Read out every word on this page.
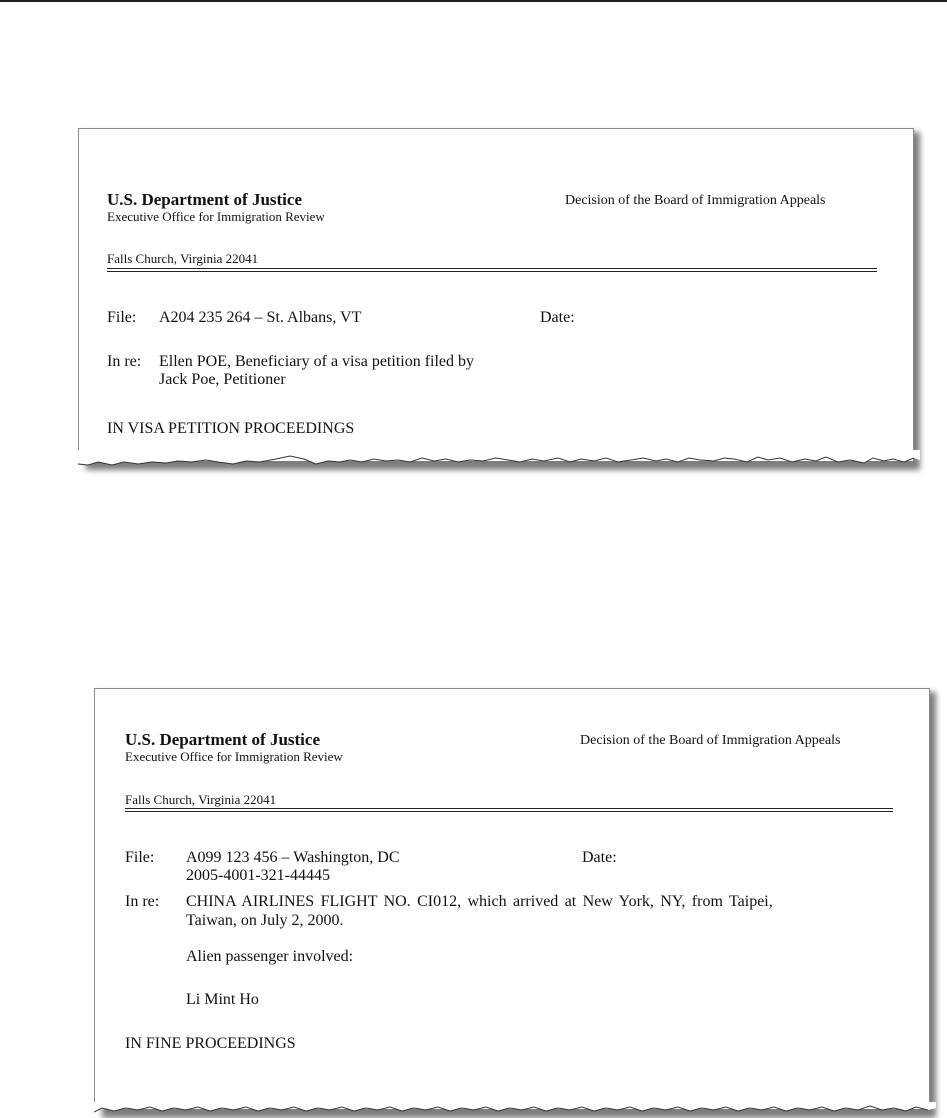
U.S. Department of Justice
Executive Office for Immigration Review
Decision of the Board of Immigration Appeals
Falls Church, Virginia 22041
File: A204 235 264 – St. Albans, VT	Date:
In re: Ellen POE, Beneficiary of a visa petition filed by
Jack Poe, Petitioner
IN VISA PETITION PROCEEDINGS
U.S. Department of Justice
Executive Office for Immigration Review
Decision of the Board of Immigration Appeals
Falls Church, Virginia 22041
File: A099 123 456 – Washington, DC
2005-4001-321-44445
Date:
In re: CHINA AIRLINES FLIGHT NO. CI012, which arrived at New York, NY, from Taipei,
Taiwan, on July 2, 2000.
Alien passenger involved:
Li Mint Ho
IN FINE PROCEEDINGS
